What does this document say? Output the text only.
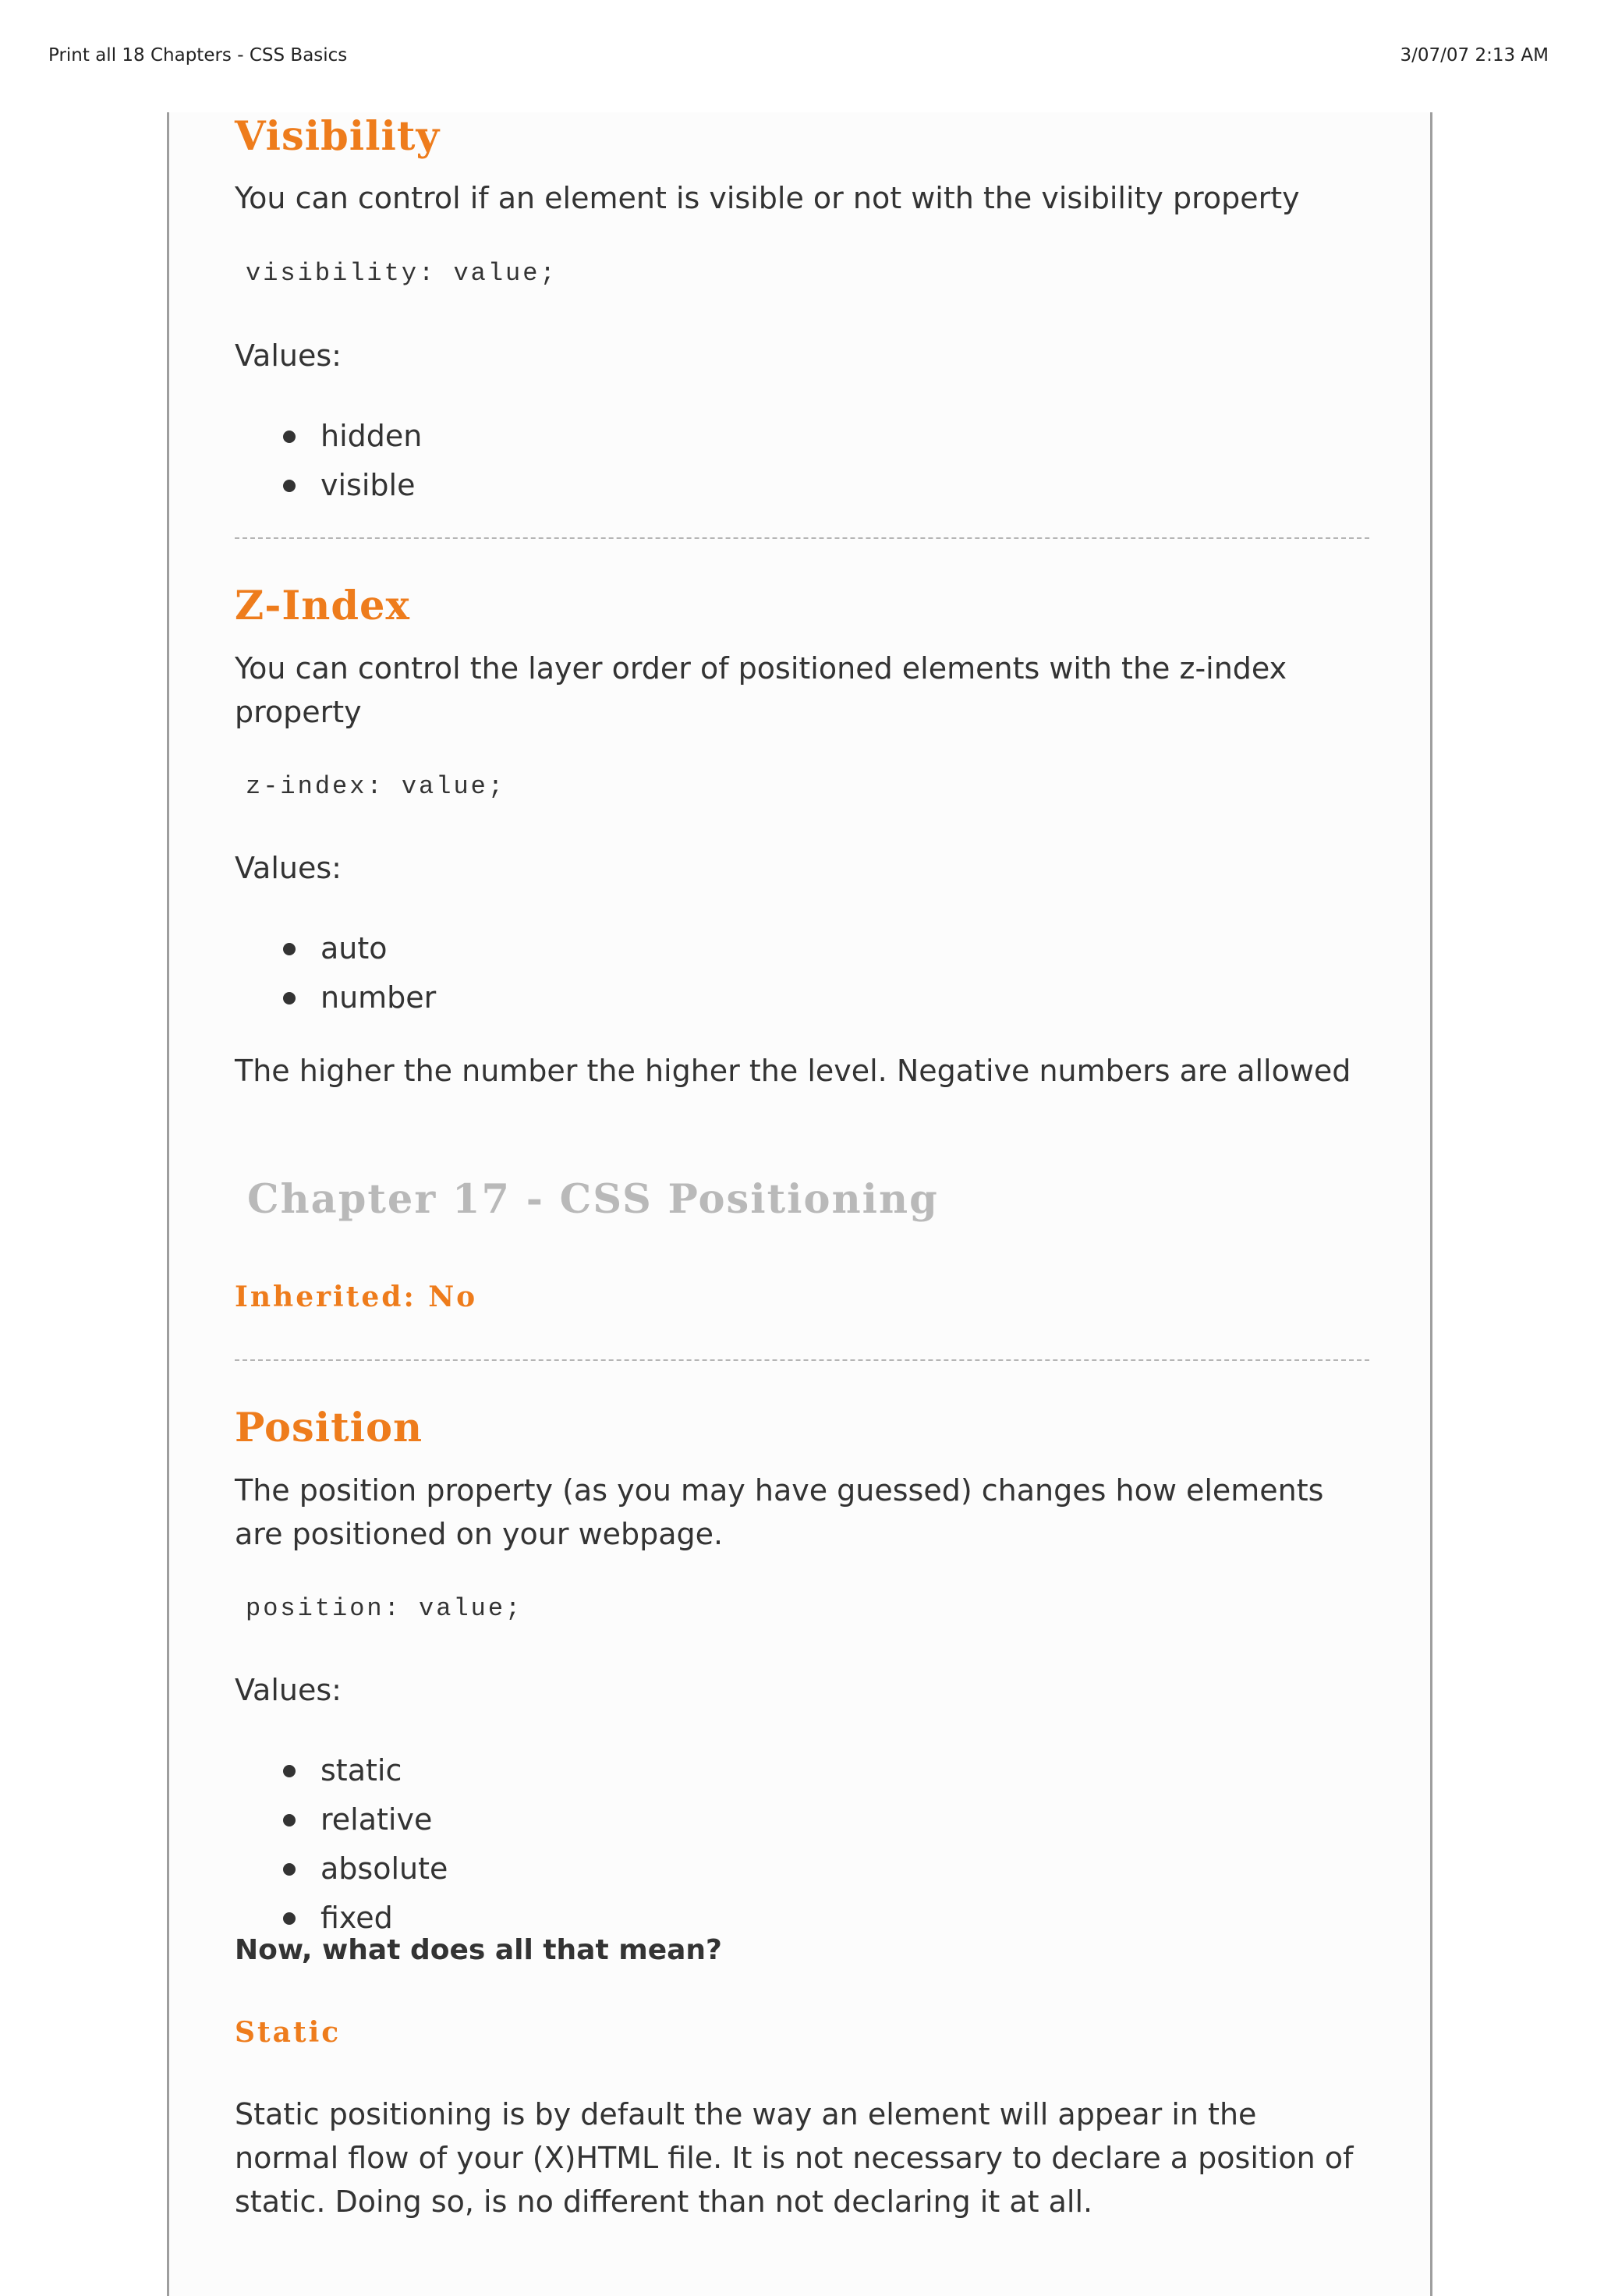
Print all 18 Chapters - CSS Basics	3/07/07 2:13 AM
Visibility

You can control if an element is visible or not with the visibility property

visibility: value;

Values:

hidden
visible
Z-Index

You can control the layer order of positioned elements with the z-index property

z-index: value;

Values:

auto
number

The higher the number the higher the level. Negative numbers are allowed

Chapter 17 - CSS Positioning
Inherited: No
Position

The position property (as you may have guessed) changes how elements are positioned on your webpage.

position: value;

Values:

static
relative
absolute
fixed

Now, what does all that mean?

Static

Static positioning is by default the way an element will appear in the normal flow of your (X)HTML file. It is not necessary to declare a position of static. Doing so, is no different than not declaring it at all.
